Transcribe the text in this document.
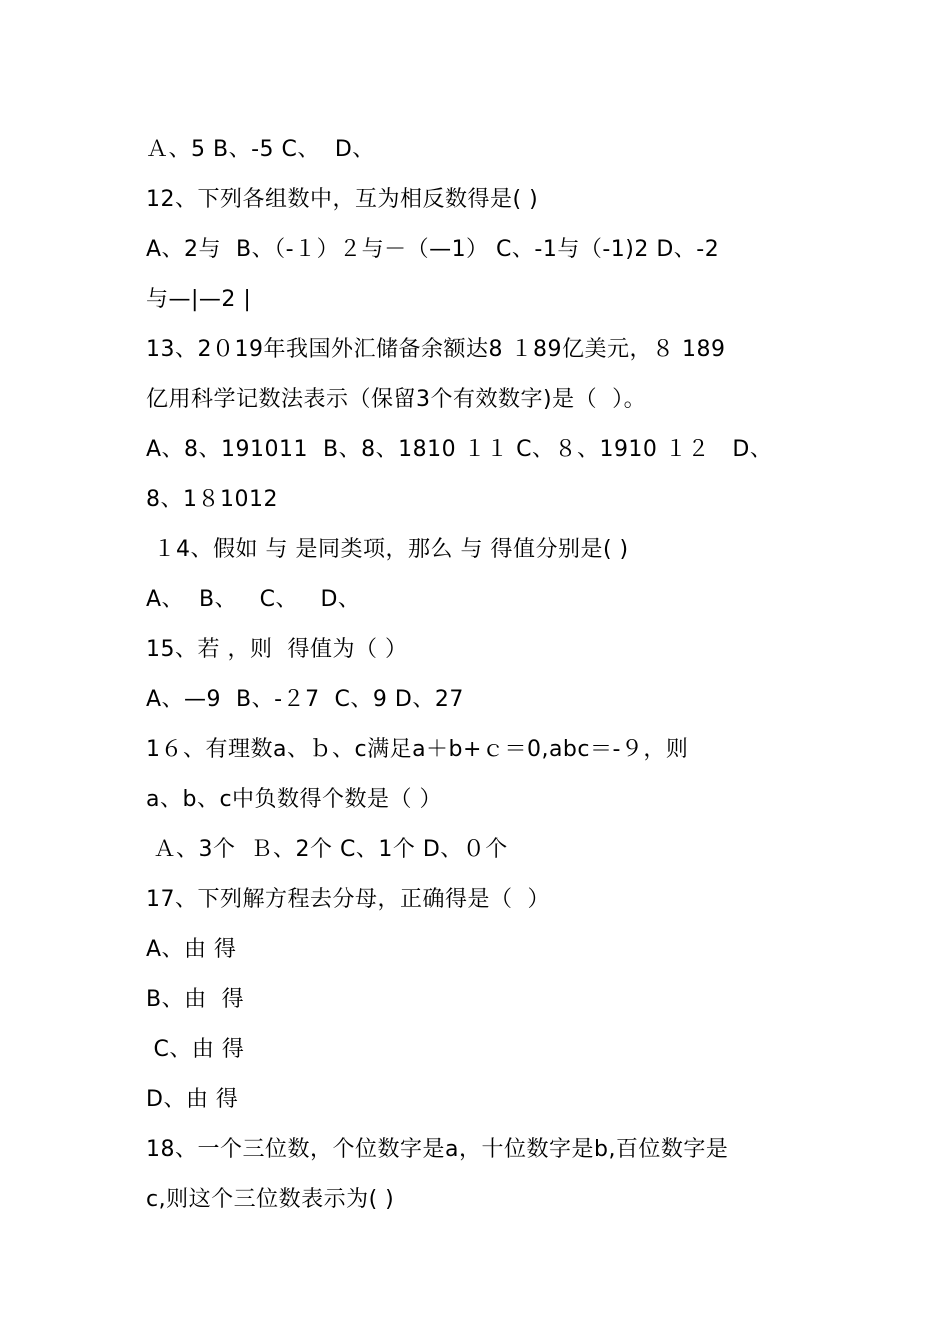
Ａ、5 B、-5 C、  D、
12、下列各组数中，互为相反数得是( )
A、2与  B、（-１）２与－（—1） C、-1与（-1)2 D、-2
与—|—2 |
13、2０19年我国外汇储备余额达8 １89亿美元，８ 189
亿用科学记数法表示（保留3个有效数字)是（  ）。
A、8、191011  B、8、1810 １１ C、８、1910 １２   D、
8、1８1012
１4、假如 与 是同类项，那么 与 得值分别是( )
A、  B、   C、   D、
15、若 ，则  得值为（ ）
A、—9  B、-２7  C、9 D、27
1６、有理数a、ｂ、c满足a＋b+ｃ＝0,abc＝-９，则
a、b、c中负数得个数是（ ）
Ａ、3个  Ｂ、2个 C、1个 D、０个
17、下列解方程去分母，正确得是（  ）
A、由 得
B、由  得
C、由 得
D、由 得
18、一个三位数，个位数字是a，十位数字是b,百位数字是
c,则这个三位数表示为( )
